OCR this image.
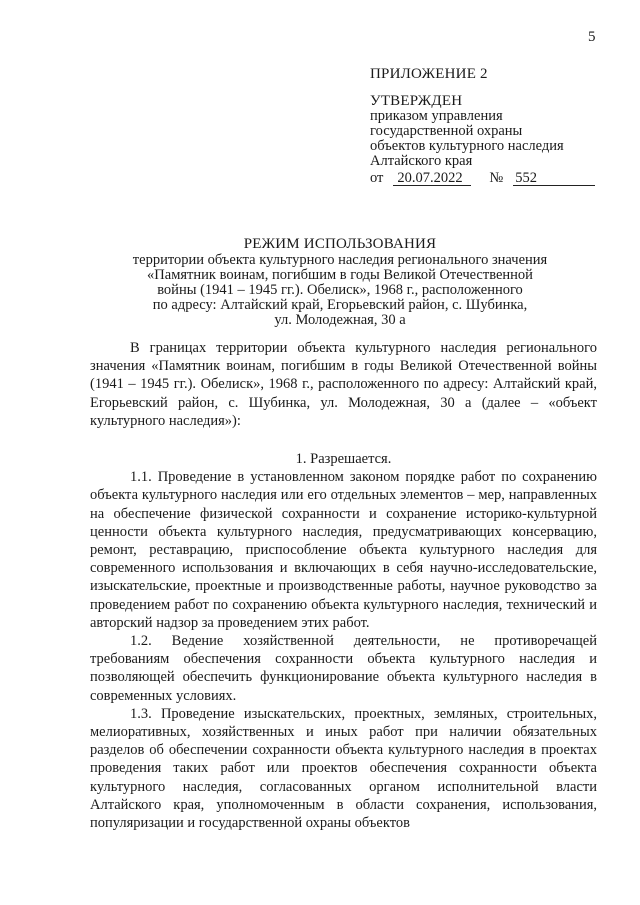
5
ПРИЛОЖЕНИЕ 2
УТВЕРЖДЕН
приказом управления
государственной охраны
объектов культурного наследия
Алтайского края
от 20.07.2022	№ 552
РЕЖИМ ИСПОЛЬЗОВАНИЯ
территории объекта культурного наследия регионального значения
«Памятник воинам, погибшим в годы Великой Отечественной
войны (1941 – 1945 гг.). Обелиск», 1968 г., расположенного
по адресу: Алтайский край, Егорьевский район, с. Шубинка,
ул. Молодежная, 30 а

В границах территории объекта культурного наследия регионального значения «Памятник воинам, погибшим в годы Великой Отечественной войны (1941 – 1945 гг.). Обелиск», 1968 г., расположенного по адресу: Алтайский край, Егорьевский район, с. Шубинка, ул. Молодежная, 30 а (далее – «объект культурного наследия»):

1. Разрешается.

1.1. Проведение в установленном законом порядке работ по сохранению объекта культурного наследия или его отдельных элементов – мер, направленных на обеспечение физической сохранности и сохранение историко-культурной ценности объекта культурного наследия, предусматривающих консервацию, ремонт, реставрацию, приспособление объекта культурного наследия для современного использования и включающих в себя научно-исследовательские, изыскательские, проектные и производственные работы, научное руководство за проведением работ по сохранению объекта культурного наследия, технический и авторский надзор за проведением этих работ.

1.2. Ведение хозяйственной деятельности, не противоречащей требованиям обеспечения сохранности объекта культурного наследия и позволяющей обеспечить функционирование объекта культурного наследия в современных условиях.

1.3. Проведение изыскательских, проектных, земляных, строительных, мелиоративных, хозяйственных и иных работ при наличии обязательных разделов об обеспечении сохранности объекта культурного наследия в проектах проведения таких работ или проектов обеспечения сохранности объекта культурного наследия, согласованных органом исполнительной власти Алтайского края, уполномоченным в области сохранения, использования, популяризации и государственной охраны объектов
